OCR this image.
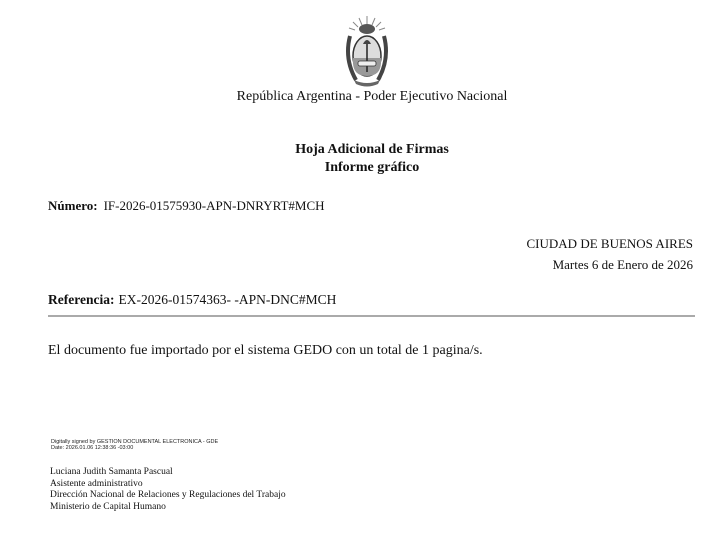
República Argentina - Poder Ejecutivo Nacional
Hoja Adicional de Firmas
Informe gráfico
Número: IF-2026-01575930-APN-DNRYRT#MCH
CIUDAD DE BUENOS AIRES
Martes 6 de Enero de 2026
Referencia: EX-2026-01574363- -APN-DNC#MCH
El documento fue importado por el sistema GEDO con un total de 1 pagina/s.
Digitally signed by GESTION DOCUMENTAL ELECTRONICA - GDE
Date: 2026.01.06 12:38:36 -03:00
Luciana Judith Samanta Pascual
Asistente administrativo
Dirección Nacional de Relaciones y Regulaciones del Trabajo
Ministerio de Capital Humano
